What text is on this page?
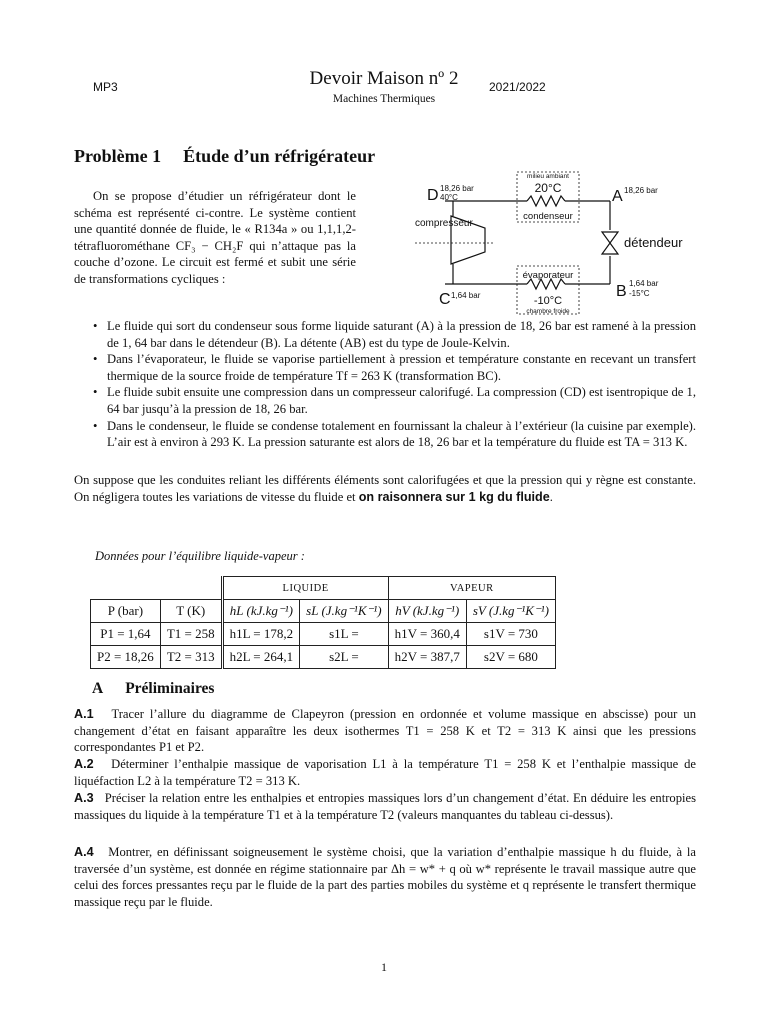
MP3	Devoir Maison nº 2	2021/2022
Machines Thermiques
Problème 1 Étude d’un réfrigérateur
On se propose d’étudier un réfrigérateur dont le schéma est représenté ci-contre. Le système contient une quantité donnée de fluide, le « R134a » ou 1,1,1,2-tétrafluorométhane CF₃ − CH₂F qui n’attaque pas la couche d’ozone. Le circuit est fermé et subit une série de transformations cycliques :
milieu ambiant
20°C
condenseur
compresseur
détendeur
évaporateur
-10°C
chambre froide
D 18,26 bar
40°C	A 18,26 bar
B 1,64 bar
-15°C
C 1,64 bar
• Le fluide qui sort du condenseur sous forme liquide saturant (A) à la pression de 18, 26 bar est ramené à la pression de 1, 64 bar dans le détendeur (B). La détente (AB) est du type de Joule-Kelvin.
• Dans l’évaporateur, le fluide se vaporise partiellement à pression et température constante en recevant un transfert thermique de la source froide de température Tf = 263 K (transformation BC).
• Le fluide subit ensuite une compression dans un compresseur calorifugé. La compression (CD) est isentropique de 1, 64 bar jusqu’à la pression de 18, 26 bar.
• Dans le condenseur, le fluide se condense totalement en fournissant la chaleur à l’extérieur (la cuisine par exemple). L’air est à environ à 293 K. La pression saturante est alors de 18, 26 bar et la température du fluide est TA = 313 K.
On suppose que les conduites reliant les différents éléments sont calorifugées et que la pression qui y règne est constante. On négligera toutes les variations de vitesse du fluide et on raisonnera sur 1 kg du fluide.
Données pour l’équilibre liquide-vapeur :
		LIQUIDE		VAPEUR	
P (bar)	T (K)	hL (kJ.kg⁻¹)	sL (J.kg⁻¹K⁻¹)	hV (kJ.kg⁻¹)	sV (J.kg⁻¹K⁻¹)
P1 = 1,64	T1 = 258	h1L = 178,2	s1L =	h1V = 360,4	s1V = 730
P2 = 18,26	T2 = 313	h2L = 264,1	s2L =	h2V = 387,7	s2V = 680
A Préliminaires
A.1 Tracer l’allure du diagramme de Clapeyron (pression en ordonnée et volume massique en abscisse) pour un changement d’état en faisant apparaître les deux isothermes T1 = 258 K et T2 = 313 K ainsi que les pressions correspondantes P1 et P2.
A.2 Déterminer l’enthalpie massique de vaporisation L1 à la température T1 = 258 K et l’enthalpie massique de liquéfaction L2 à la température T2 = 313 K.
A.3 Préciser la relation entre les enthalpies et entropies massiques lors d’un changement d’état. En déduire les entropies massiques du liquide à la température T1 et à la température T2 (valeurs manquantes du tableau ci-dessus).
A.4 Montrer, en définissant soigneusement le système choisi, que la variation d’enthalpie massique h du fluide, à la traversée d’un système, est donnée en régime stationnaire par Δh = w* + q où w* représente le travail massique autre que celui des forces pressantes reçu par le fluide de la part des parties mobiles du système et q représente le transfert thermique massique reçu par le fluide.
1
